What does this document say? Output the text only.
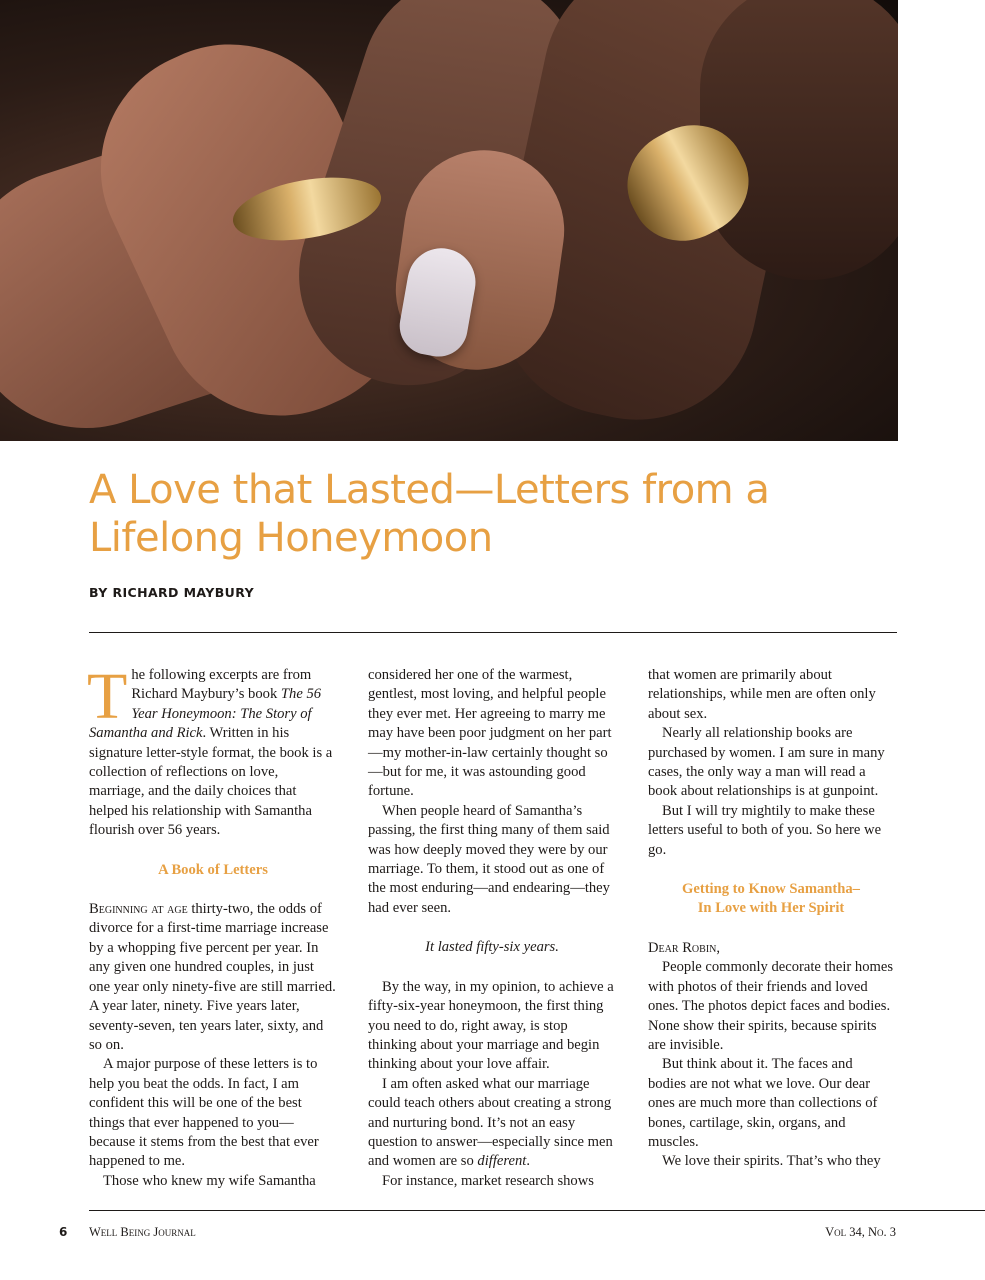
A Love that Lasted—Letters from a Lifelong Honeymoon
BY RICHARD MAYBURY

The following excerpts are from Richard Maybury’s book The 56 Year Honeymoon: The Story of Samantha and Rick. Written in his signature letter-style format, the book is a collection of reflections on love, marriage, and the daily choices that helped his relationship with Samantha flourish over 56 years.

A Book of Letters

Beginning at age thirty-two, the odds of divorce for a first-time marriage increase by a whopping five percent per year. In any given one hundred couples, in just one year only ninety-five are still married. A year later, ninety. Five years later, seventy-seven, ten years later, sixty, and so on.

A major purpose of these letters is to help you beat the odds. In fact, I am confident this will be one of the best things that ever happened to you—because it stems from the best that ever happened to me.

Those who knew my wife Samantha

considered her one of the warmest, gentlest, most loving, and helpful people they ever met. Her agreeing to marry me may have been poor judgment on her part—my mother-in-law certainly thought so—but for me, it was astounding good fortune.

When people heard of Samantha’s passing, the first thing many of them said was how deeply moved they were by our marriage. To them, it stood out as one of the most enduring—and endearing—they had ever seen.

It lasted fifty-six years.

By the way, in my opinion, to achieve a fifty-six-year honeymoon, the first thing you need to do, right away, is stop thinking about your marriage and begin thinking about your love affair.

I am often asked what our marriage could teach others about creating a strong and nurturing bond. It’s not an easy question to answer—especially since men and women are so different.

For instance, market research shows

that women are primarily about relationships, while men are often only about sex.

Nearly all relationship books are purchased by women. I am sure in many cases, the only way a man will read a book about relationships is at gunpoint.

But I will try mightily to make these letters useful to both of you. So here we go.

Getting to Know Samantha–
In Love with Her Spirit

Dear Robin,

People commonly decorate their homes with photos of their friends and loved ones. The photos depict faces and bodies. None show their spirits, because spirits are invisible.

But think about it. The faces and bodies are not what we love. Our dear ones are much more than collections of bones, cartilage, skin, organs, and muscles.

We love their spirits. That’s who they

6 Well Being Journal	Vol 34, No. 3
